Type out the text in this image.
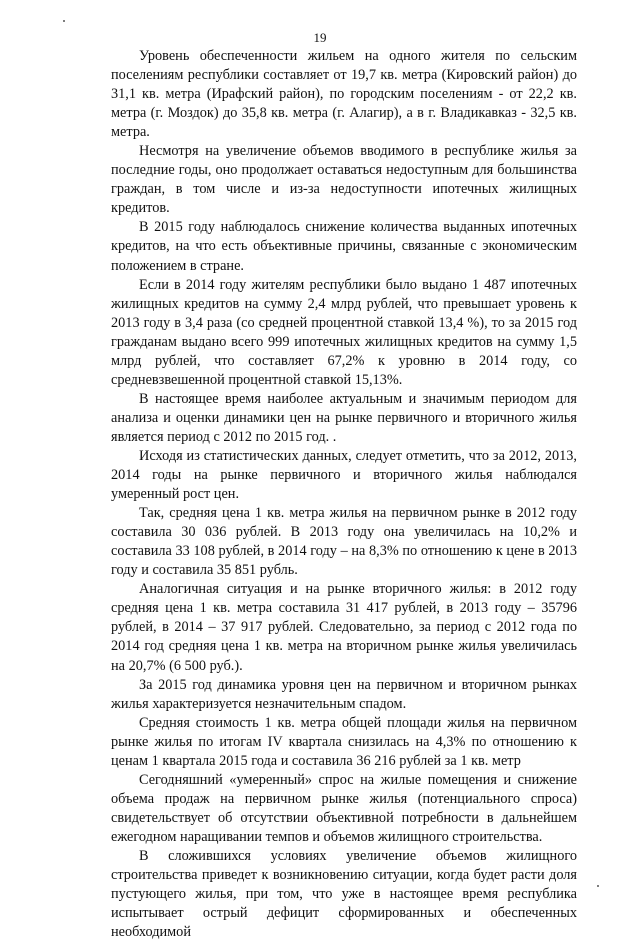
19

Уровень обеспеченности жильем на одного жителя по сельским поселениям республики составляет от 19,7 кв. метра (Кировский район) до 31,1 кв. метра (Ирафский район), по городским поселениям - от 22,2 кв. метра (г. Моздок) до 35,8 кв. метра (г. Алагир), а в г. Владикавказ - 32,5 кв. метра.

Несмотря на увеличение объемов вводимого в республике жилья за последние годы, оно продолжает оставаться недоступным для большинства граждан, в том числе и из-за недоступности ипотечных жилищных кредитов.

В 2015 году наблюдалось снижение количества выданных ипотечных кредитов, на что есть объективные причины, связанные с экономическим положением в стране.

Если в 2014 году жителям республики было выдано 1 487 ипотечных жилищных кредитов на сумму 2,4 млрд рублей, что превышает уровень к 2013 году в 3,4 раза (со средней процентной ставкой 13,4 %), то за 2015 год гражданам выдано всего 999 ипотечных жилищных кредитов на сумму 1,5 млрд рублей, что составляет 67,2% к уровню в 2014 году, со средневзвешенной процентной ставкой 15,13%.

В настоящее время наиболее актуальным и значимым периодом для анализа и оценки динамики цен на рынке первичного и вторичного жилья является период с 2012 по 2015 год. .

Исходя из статистических данных, следует отметить, что за 2012, 2013, 2014 годы на рынке первичного и вторичного жилья наблюдался умеренный рост цен.

Так, средняя цена 1 кв. метра жилья на первичном рынке в 2012 году составила 30 036 рублей. В 2013 году она увеличилась на 10,2% и составила 33 108 рублей, в 2014 году – на 8,3% по отношению к цене в 2013 году и составила 35 851 рубль.

Аналогичная ситуация и на рынке вторичного жилья: в 2012 году средняя цена 1 кв. метра составила 31 417 рублей, в 2013 году – 35796 рублей, в 2014 – 37 917 рублей. Следовательно, за период с 2012 года по 2014 год средняя цена 1 кв. метра на вторичном рынке жилья увеличилась на 20,7% (6 500 руб.).

За 2015 год динамика уровня цен на первичном и вторичном рынках жилья характеризуется незначительным спадом.

Средняя стоимость 1 кв. метра общей площади жилья на первичном рынке жилья по итогам IV квартала снизилась на 4,3% по отношению к ценам 1 квартала 2015 года и составила 36 216 рублей за 1 кв. метр

Сегодняшний «умеренный» спрос на жилые помещения и снижение объема продаж на первичном рынке жилья (потенциального спроса) свидетельствует об отсутствии объективной потребности в дальнейшем ежегодном наращивании темпов и объемов жилищного строительства.

В сложившихся условиях увеличение объемов жилищного строительства приведет к возникновению ситуации, когда будет расти доля пустующего жилья, при том, что уже в настоящее время республика испытывает острый дефицит сформированных и обеспеченных необходимой
